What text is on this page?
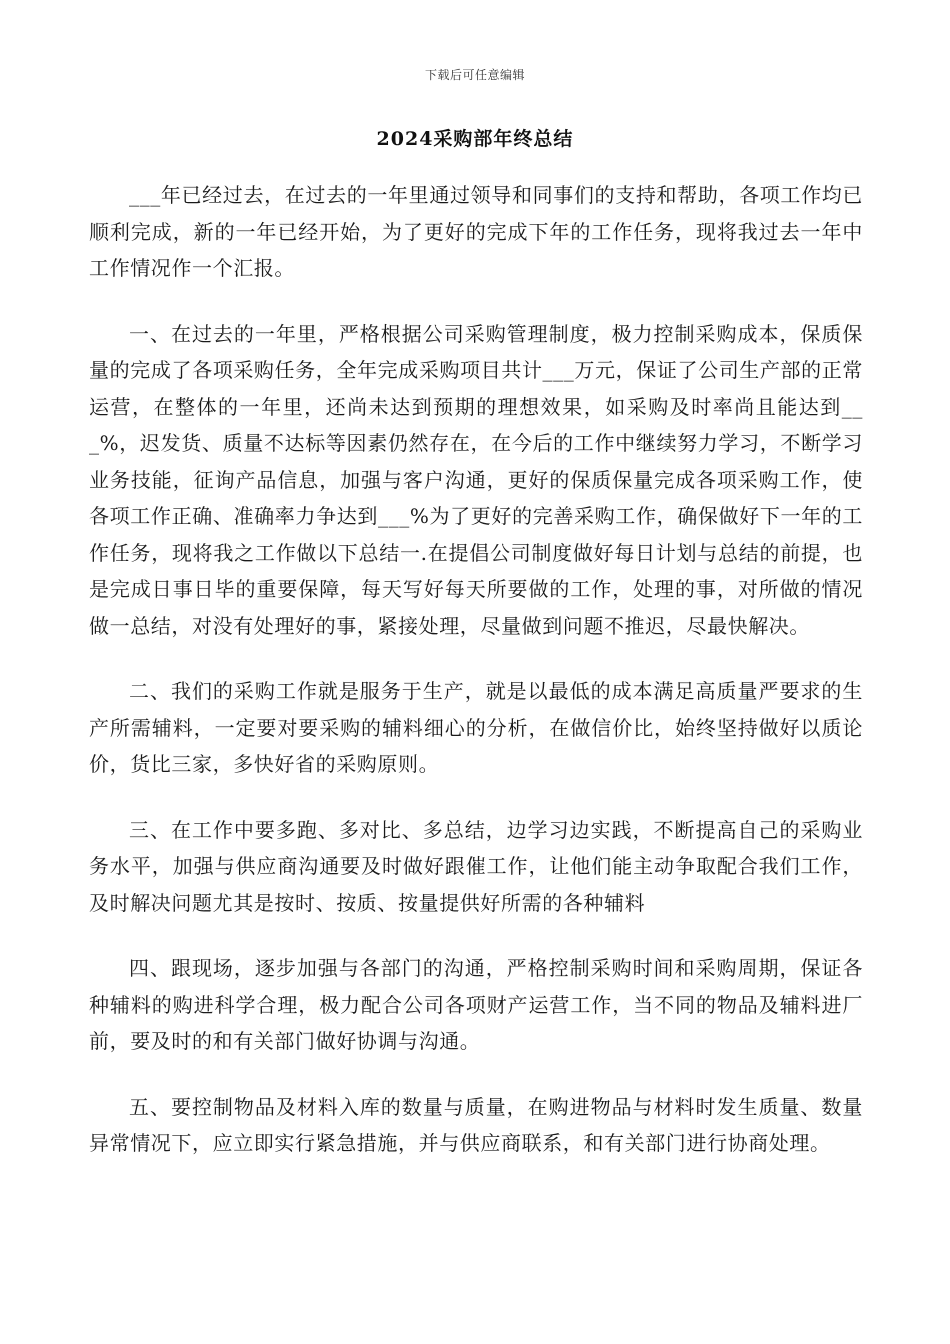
下载后可任意编辑
2024采购部年终总结

___年已经过去，在过去的一年里通过领导和同事们的支持和帮助，各项工作均已顺利完成，新的一年已经开始，为了更好的完成下年的工作任务，现将我过去一年中工作情况作一个汇报。

一、在过去的一年里，严格根据公司采购管理制度，极力控制采购成本，保质保量的完成了各项采购任务，全年完成采购项目共计___万元，保证了公司生产部的正常运营，在整体的一年里，还尚未达到预期的理想效果，如采购及时率尚且能达到___%，迟发货、质量不达标等因素仍然存在，在今后的工作中继续努力学习，不断学习业务技能，征询产品信息，加强与客户沟通，更好的保质保量完成各项采购工作，使各项工作正确、准确率力争达到___%为了更好的完善采购工作，确保做好下一年的工作任务，现将我之工作做以下总结一.在提倡公司制度做好每日计划与总结的前提，也是完成日事日毕的重要保障，每天写好每天所要做的工作，处理的事，对所做的情况做一总结，对没有处理好的事，紧接处理，尽量做到问题不推迟，尽最快解决。

二、我们的采购工作就是服务于生产，就是以最低的成本满足高质量严要求的生产所需辅料，一定要对要采购的辅料细心的分析，在做信价比，始终坚持做好以质论价，货比三家，多快好省的采购原则。

三、在工作中要多跑、多对比、多总结，边学习边实践，不断提高自己的采购业务水平，加强与供应商沟通要及时做好跟催工作，让他们能主动争取配合我们工作，及时解决问题尤其是按时、按质、按量提供好所需的各种辅料

四、跟现场，逐步加强与各部门的沟通，严格控制采购时间和采购周期，保证各种辅料的购进科学合理，极力配合公司各项财产运营工作，当不同的物品及辅料进厂前，要及时的和有关部门做好协调与沟通。

五、要控制物品及材料入库的数量与质量，在购进物品与材料时发生质量、数量异常情况下，应立即实行紧急措施，并与供应商联系，和有关部门进行协商处理。
